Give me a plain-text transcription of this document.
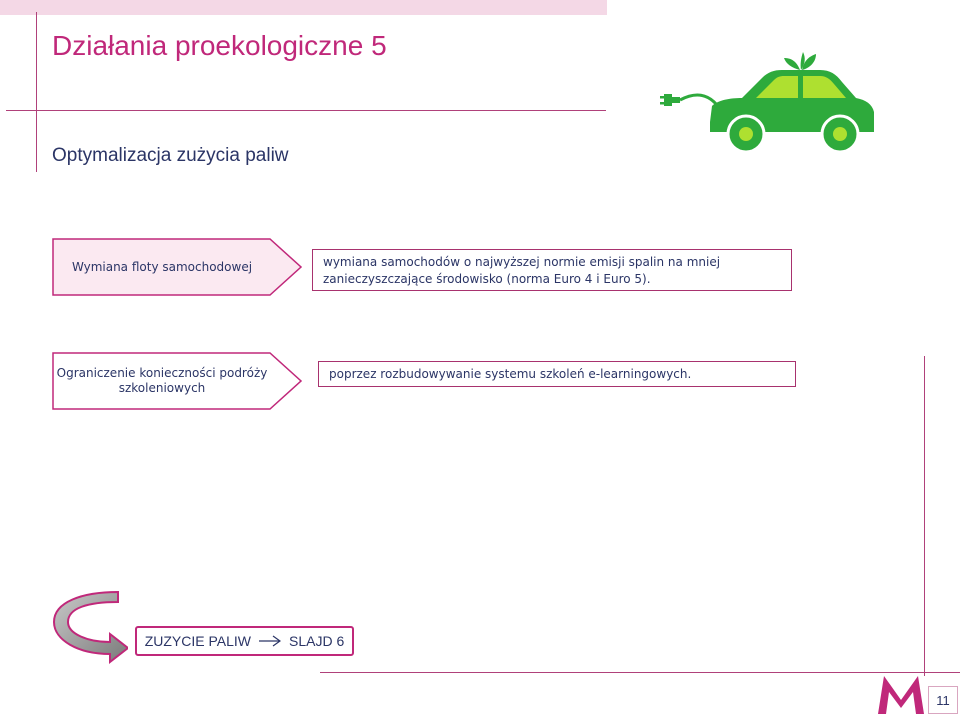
Działania proekologiczne 5
Optymalizacja zużycia paliw
Wymiana floty samochodowej	wymiana samochodów o najwyższej normie emisji spalin na mniej zanieczyszczające środowisko (norma Euro 4 i Euro 5).
Ograniczenie konieczności podróży szkoleniowych
poprzez rozbudowywanie systemu szkoleń e-learningowych.
ZUZYCIE PALIW	SLAJD 6
11
